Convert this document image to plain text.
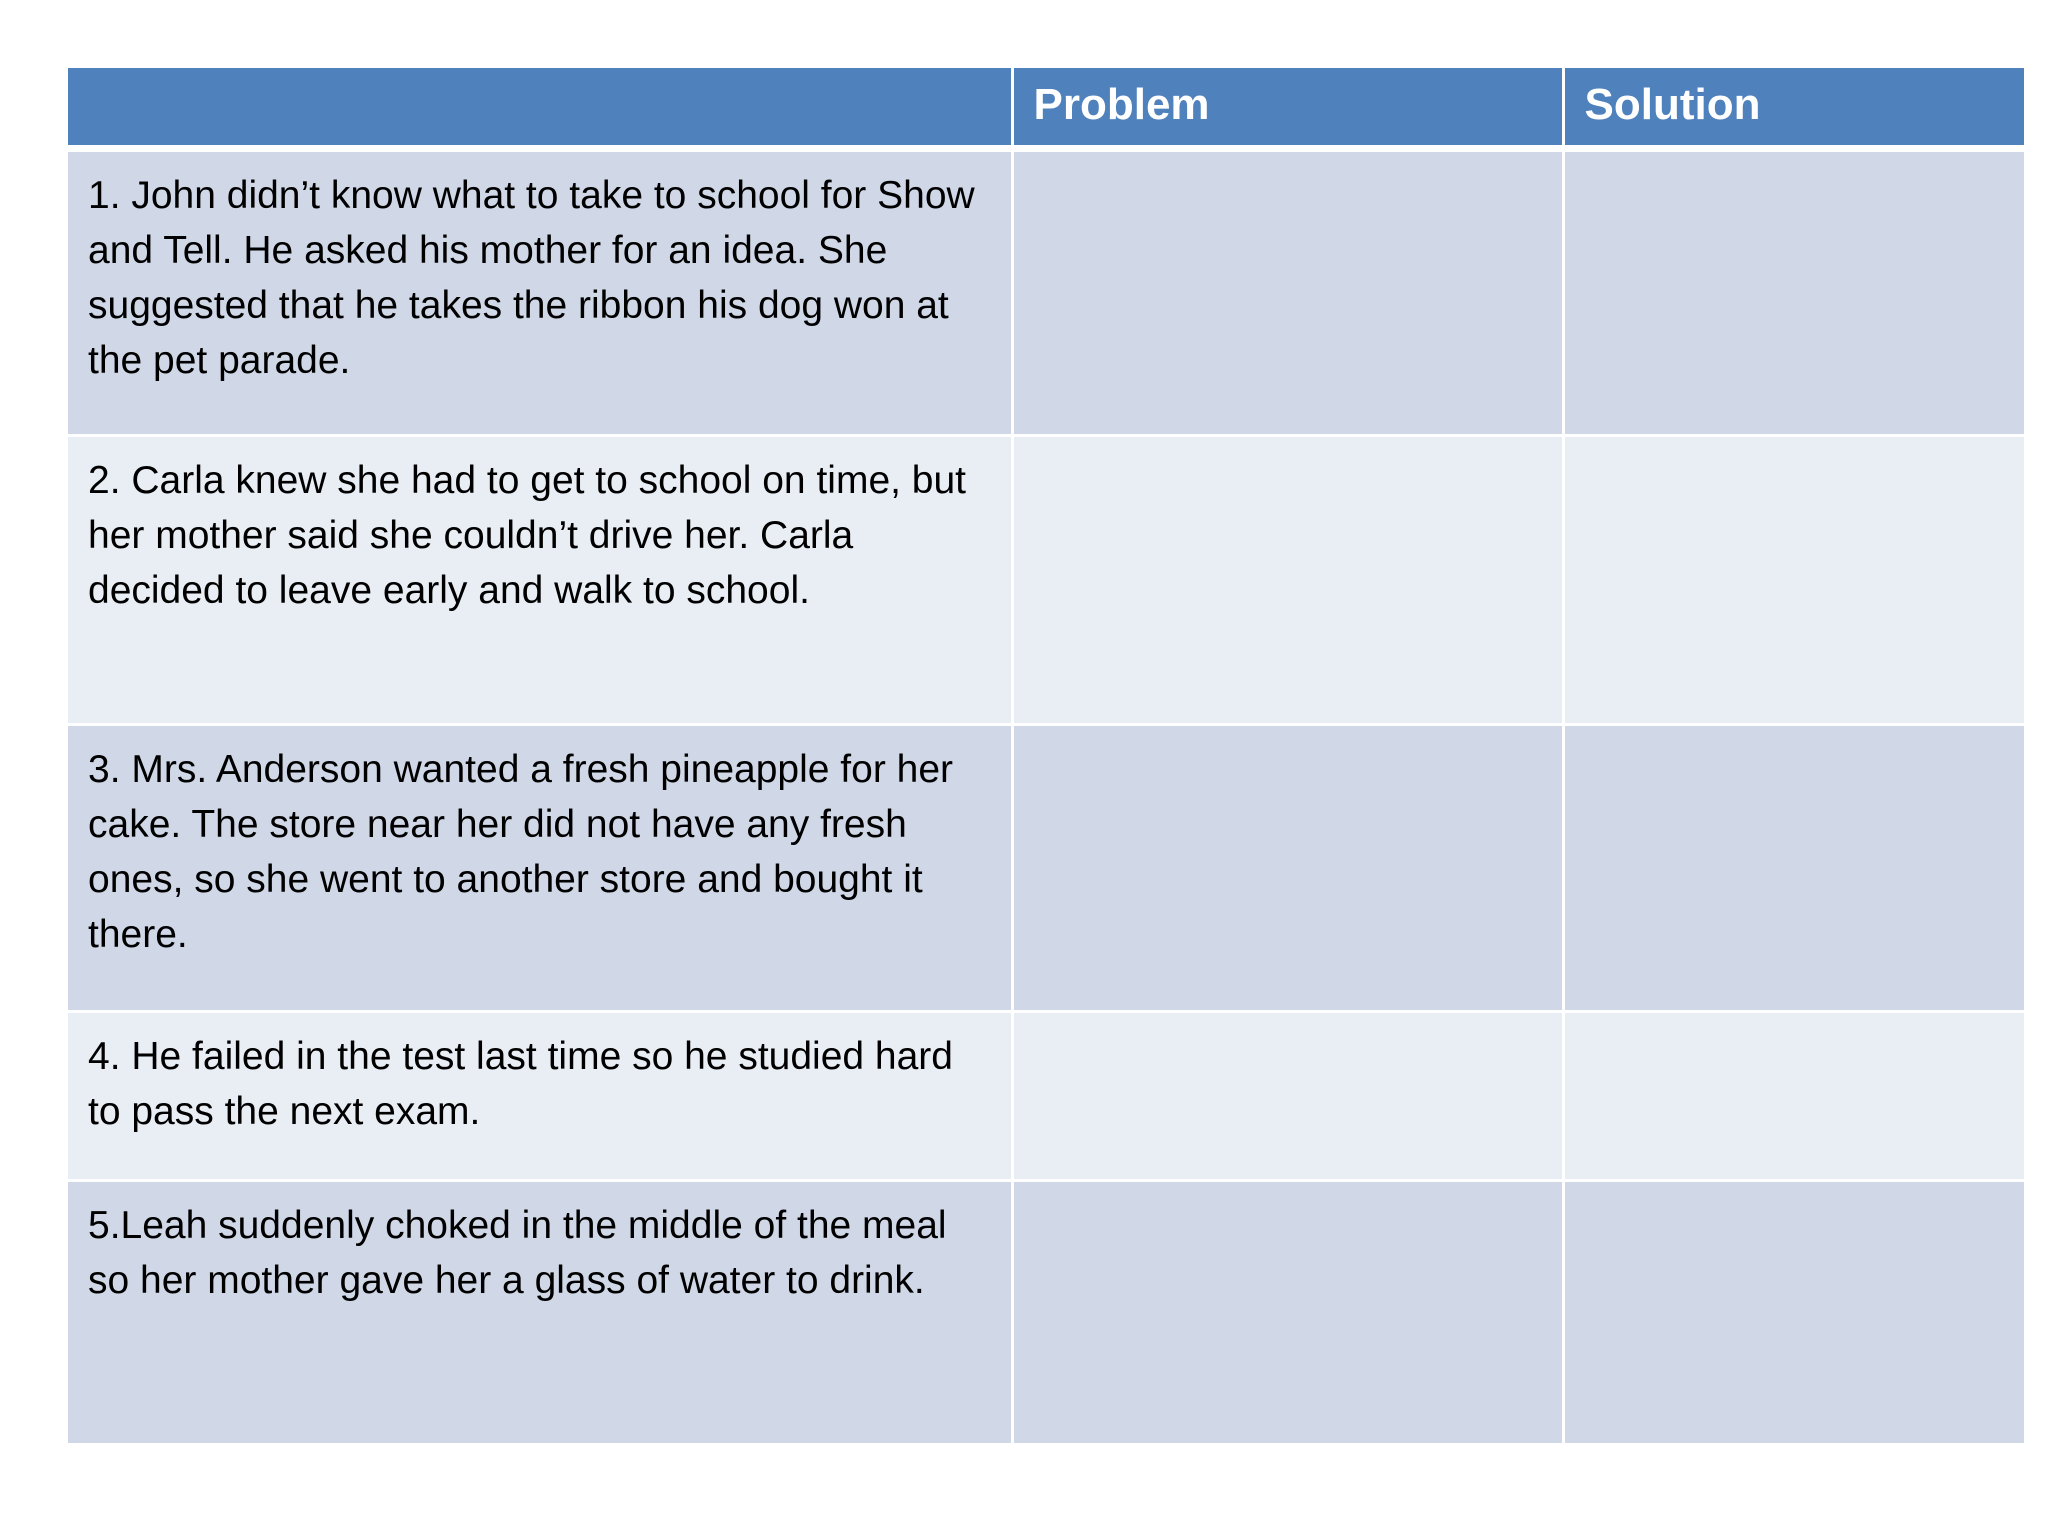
	Problem	Solution
1. John didn’t know what to take to school for Show and Tell. He asked his mother for an idea. She suggested that he takes the ribbon his dog won at the pet parade.		
2. Carla knew she had to get to school on time, but her mother said she couldn’t drive her. Carla decided to leave early and walk to school.		
3. Mrs. Anderson wanted a fresh pineapple for her cake. The store near her did not have any fresh ones, so she went to another store and bought it there.		
4. He failed in the test last time so he studied hard to pass the next exam.		
5.Leah suddenly choked in the middle of the meal so her mother gave her a glass of water to drink.		
